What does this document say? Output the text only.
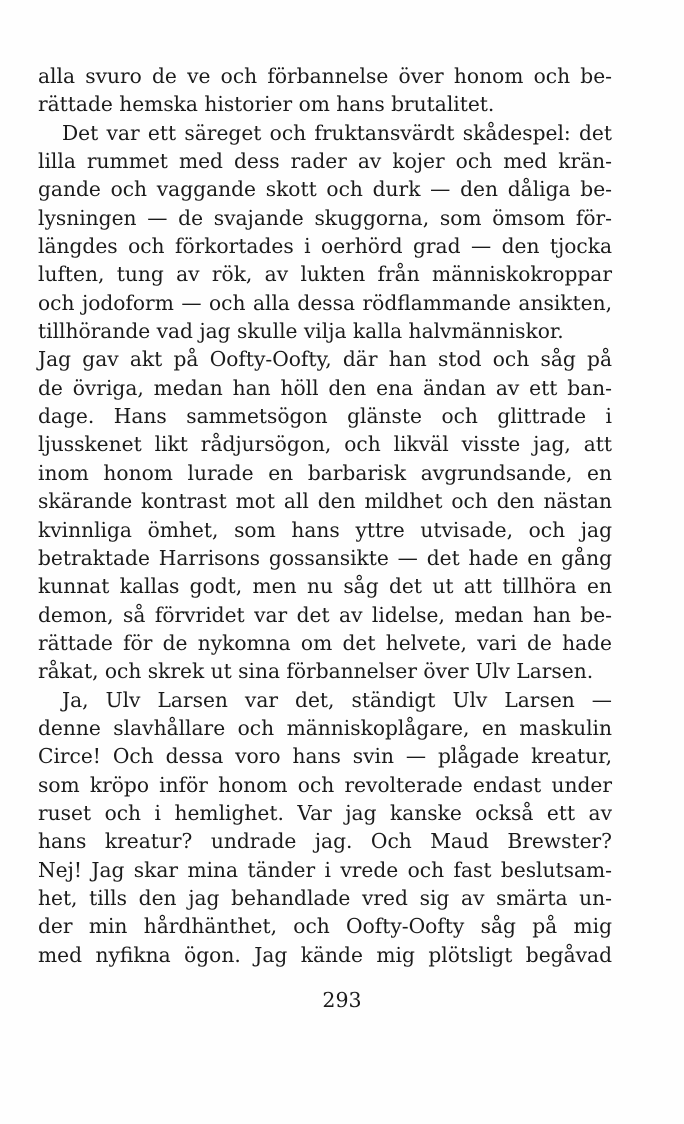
alla svuro de ve och förbannelse över honom och be-
rättade hemska historier om hans brutalitet.
Det var ett säreget och fruktansvärdt skådespel: det
lilla rummet med dess rader av kojer och med krän-
gande och vaggande skott och durk — den dåliga be-
lysningen — de svajande skuggorna, som ömsom för-
längdes och förkortades i oerhörd grad — den tjocka
luften, tung av rök, av lukten från människokroppar
och jodoform — och alla dessa rödflammande ansikten,
tillhörande vad jag skulle vilja kalla halvmänniskor.
Jag gav akt på Oofty-Oofty, där han stod och såg på
de övriga, medan han höll den ena ändan av ett ban-
dage. Hans sammetsögon glänste och glittrade i
ljusskenet likt rådjursögon, och likväl visste jag, att
inom honom lurade en barbarisk avgrundsande, en
skärande kontrast mot all den mildhet och den nästan
kvinnliga ömhet, som hans yttre utvisade, och jag
betraktade Harrisons gossansikte — det hade en gång
kunnat kallas godt, men nu såg det ut att tillhöra en
demon, så förvridet var det av lidelse, medan han be-
rättade för de nykomna om det helvete, vari de hade
råkat, och skrek ut sina förbannelser över Ulv Larsen.
Ja, Ulv Larsen var det, ständigt Ulv Larsen —
denne slavhållare och människoplågare, en maskulin
Circe! Och dessa voro hans svin — plågade kreatur,
som kröpo inför honom och revolterade endast under
ruset och i hemlighet. Var jag kanske också ett av
hans kreatur? undrade jag. Och Maud Brewster?
Nej! Jag skar mina tänder i vrede och fast beslutsam-
het, tills den jag behandlade vred sig av smärta un-
der min hårdhänthet, och Oofty-Oofty såg på mig
med nyfikna ögon. Jag kände mig plötsligt begåvad
293
